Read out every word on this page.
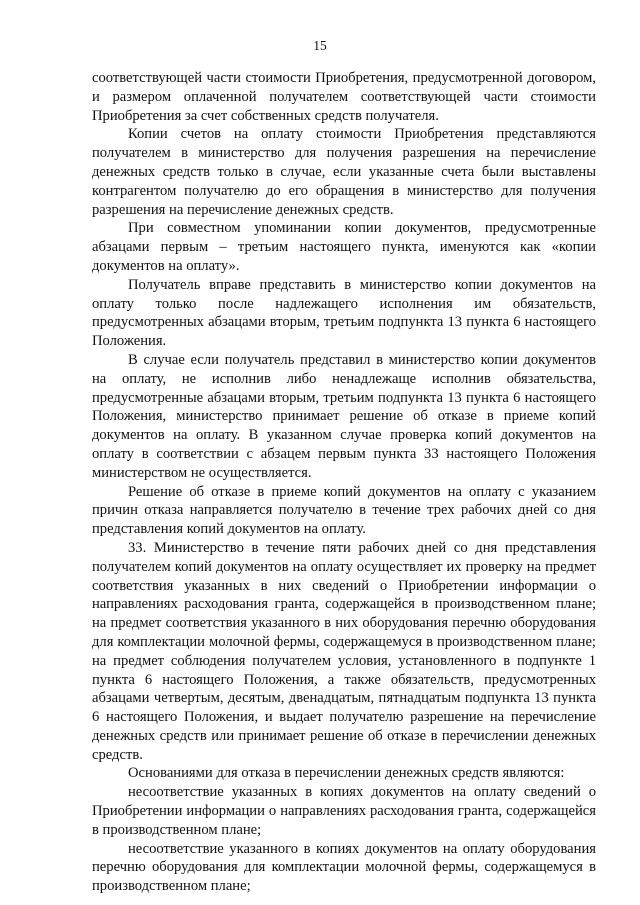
15

соответствующей части стоимости Приобретения, предусмотренной договором, и размером оплаченной получателем соответствующей части стоимости Приобретения за счет собственных средств получателя.

Копии счетов на оплату стоимости Приобретения представляются получателем в министерство для получения разрешения на перечисление денежных средств только в случае, если указанные счета были выставлены контрагентом получателю до его обращения в министерство для получения разрешения на перечисление денежных средств.

При совместном упоминании копии документов, предусмотренные абзацами первым – третьим настоящего пункта, именуются как «копии документов на оплату».

Получатель вправе представить в министерство копии документов на оплату только после надлежащего исполнения им обязательств, предусмотренных абзацами вторым, третьим подпункта 13 пункта 6 настоящего Положения.

В случае если получатель представил в министерство копии документов на оплату, не исполнив либо ненадлежаще исполнив обязательства, предусмотренные абзацами вторым, третьим подпункта 13 пункта 6 настоящего Положения, министерство принимает решение об отказе в приеме копий документов на оплату. В указанном случае проверка копий документов на оплату в соответствии с абзацем первым пункта 33 настоящего Положения министерством не осуществляется.

Решение об отказе в приеме копий документов на оплату с указанием причин отказа направляется получателю в течение трех рабочих дней со дня представления копий документов на оплату.

33. Министерство в течение пяти рабочих дней со дня представления получателем копий документов на оплату осуществляет их проверку на предмет соответствия указанных в них сведений о Приобретении информации о направлениях расходования гранта, содержащейся в производственном плане; на предмет соответствия указанного в них оборудования перечню оборудования для комплектации молочной фермы, содержащемуся в производственном плане; на предмет соблюдения получателем условия, установленного в подпункте 1 пункта 6 настоящего Положения, а также обязательств, предусмотренных абзацами четвертым, десятым, двенадцатым, пятнадцатым подпункта 13 пункта 6 настоящего Положения, и выдает получателю разрешение на перечисление денежных средств или принимает решение об отказе в перечислении денежных средств.

Основаниями для отказа в перечислении денежных средств являются:

несоответствие указанных в копиях документов на оплату сведений о Приобретении информации о направлениях расходования гранта, содержащейся в производственном плане;

несоответствие указанного в копиях документов на оплату оборудования перечню оборудования для комплектации молочной фермы, содержащемуся в производственном плане;
